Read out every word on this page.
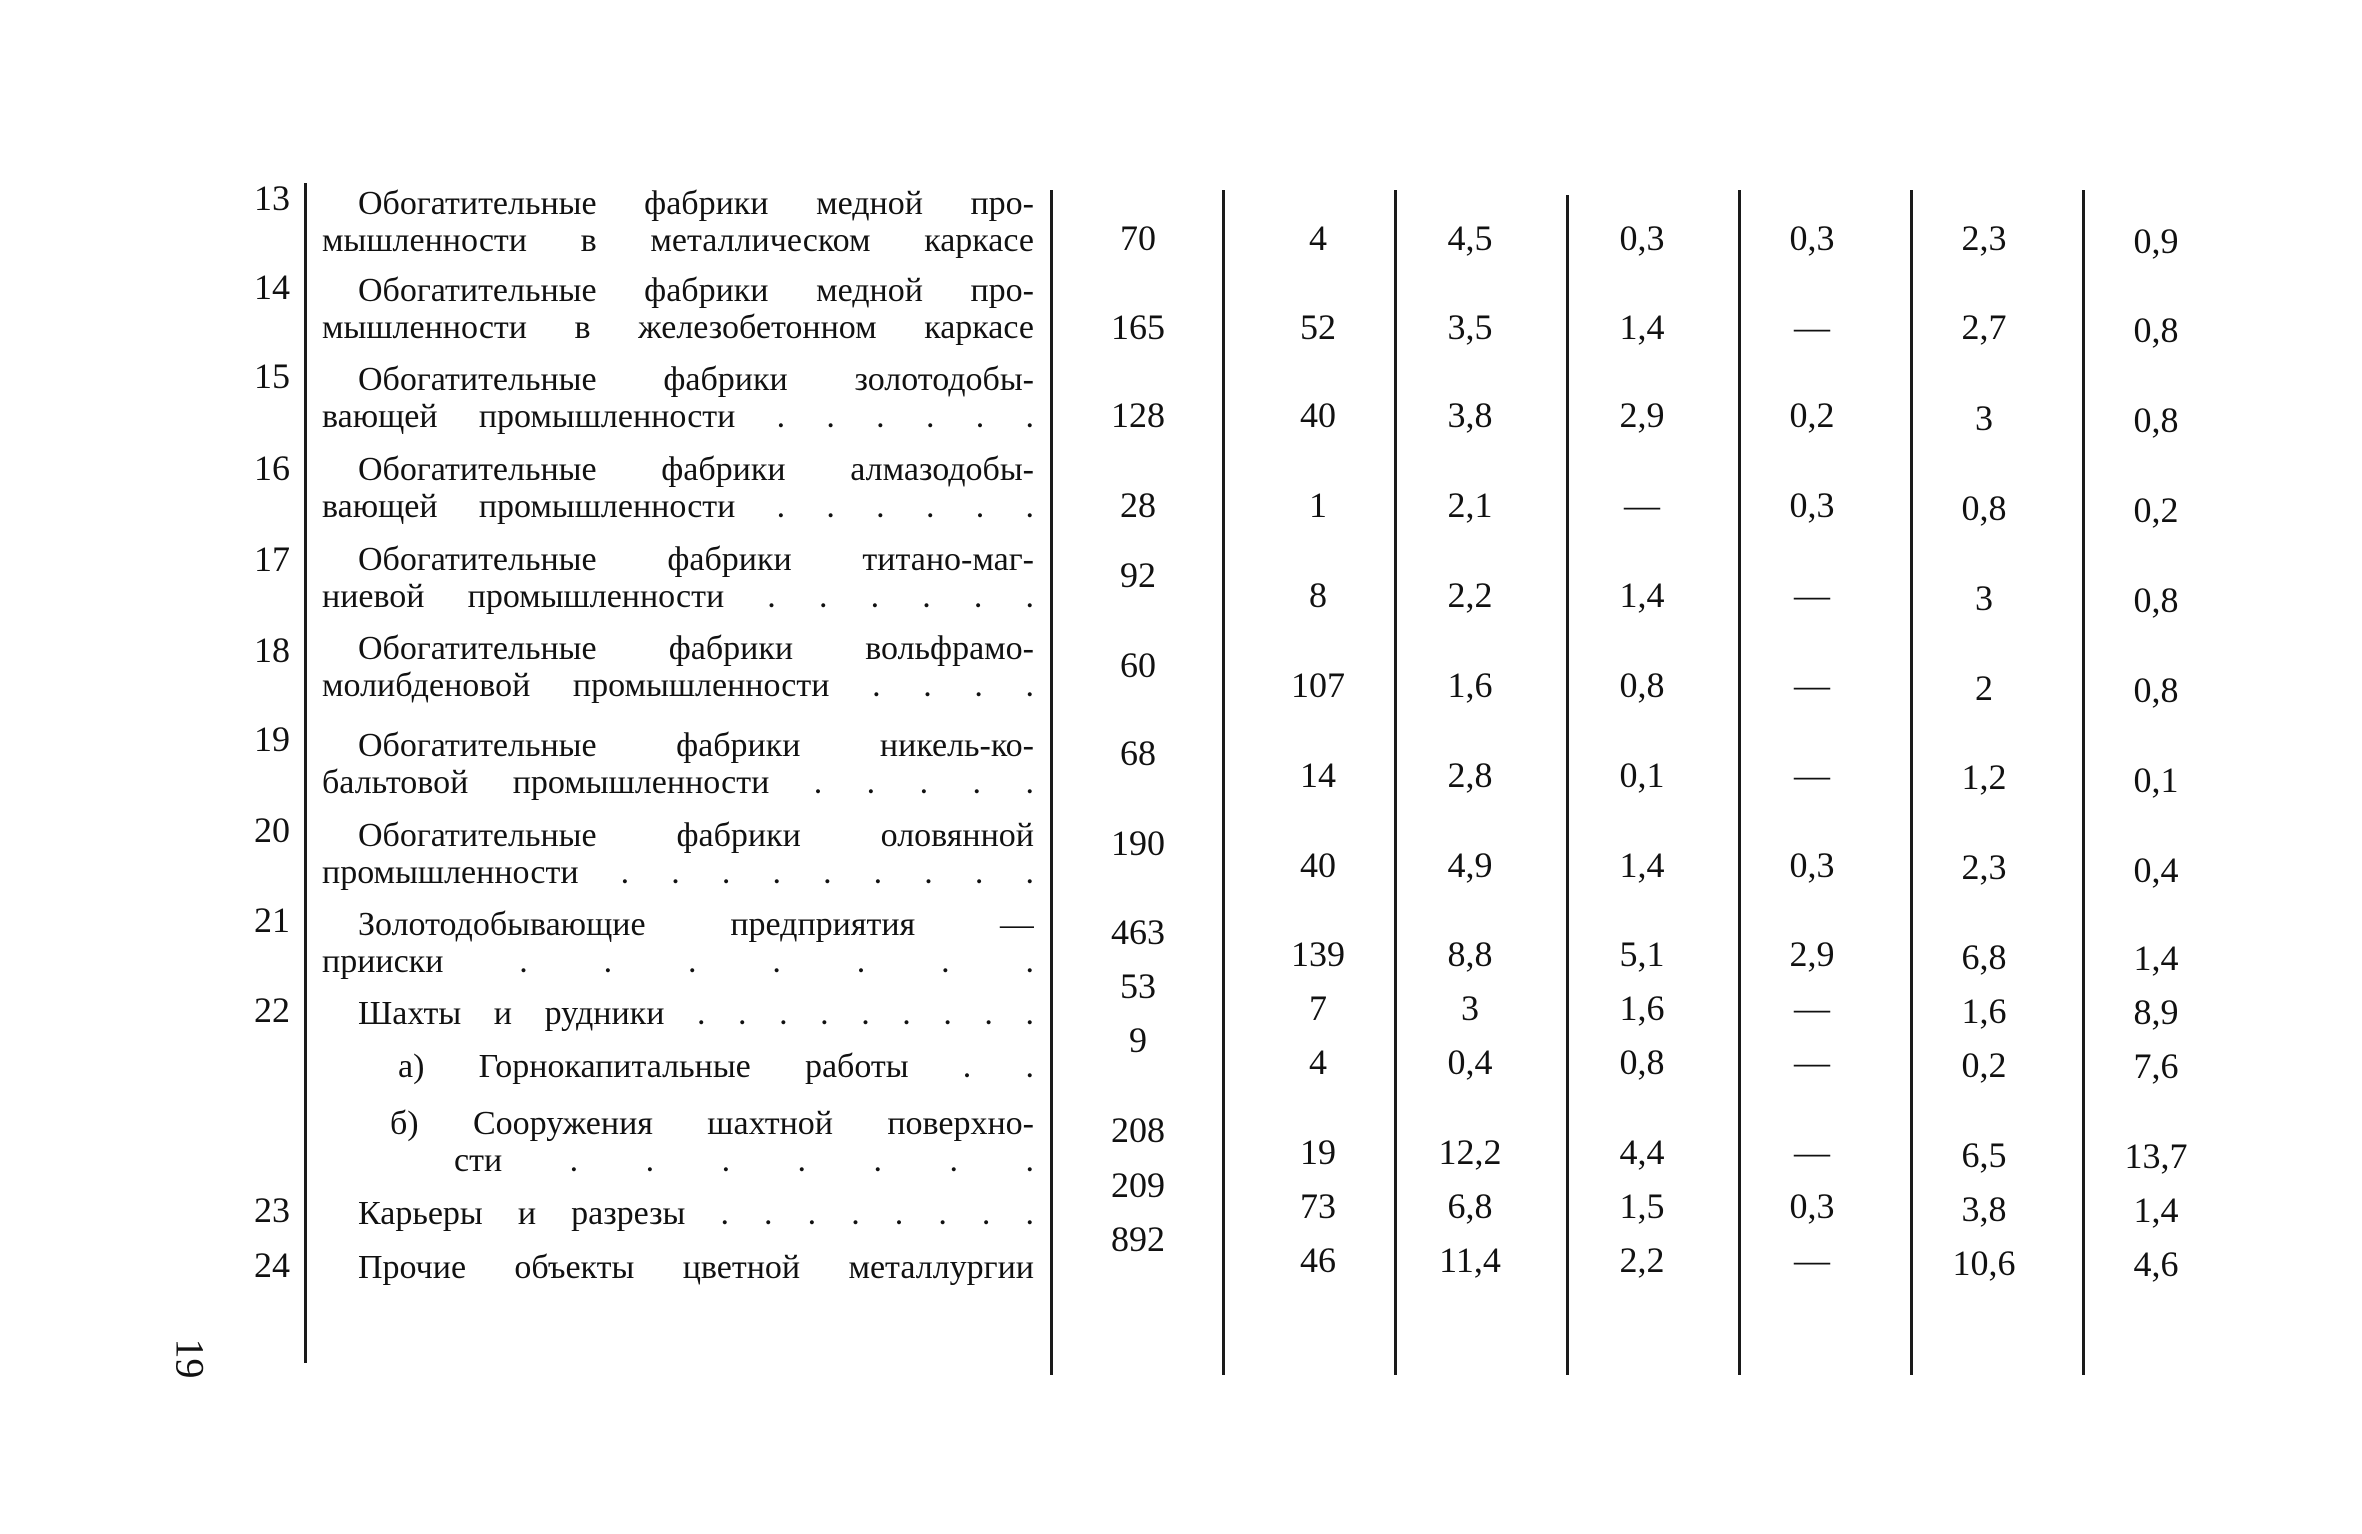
13
14
15
16
17
18
19
20
21
22
23
24
Обогатительные фабрики медной про-
мышленности в металлическом каркасе
Обогатительные фабрики медной про-
мышленности в железобетонном каркасе
Обогатительные фабрики золотодобы-
вающей промышленности . . . . . .
Обогатительные фабрики алмазодобы-
вающей промышленности . . . . . .
Обогатительные фабрики титано-маг-
ниевой промышленности . . . . . .
Обогатительные фабрики вольфрамо-
молибденовой промышленности . . . .
Обогатительные фабрики никель-ко-
бальтовой промышленности . . . . .
Обогатительные фабрики оловянной
промышленности . . . . . . . . .
Золотодобывающие предприятия —
прииски . . . . . . .
Шахты и рудники . . . . . . . . .
а) Горнокапитальные работы . .
б) Сооружения шахтной поверхно-
сти . . . . . . .
Карьеры и разрезы . . . . . . . .
Прочие объекты цветной металлургии
70
165
128
28
92
60
68
190
463
53
9
208
209
892
4
52
40
1
8
107
14
40
139
7
4
19
73
46
4,5
3,5
3,8
2,1
2,2
1,6
2,8
4,9
8,8
3
0,4
12,2
6,8
11,4
0,3
1,4
2,9
—
1,4
0,8
0,1
1,4
5,1
1,6
0,8
4,4
1,5
2,2
0,3
—
0,2
0,3
—
—
—
0,3
2,9
—
—
—
0,3
—
2,3
2,7
3
0,8
3
2
1,2
2,3
6,8
1,6
0,2
6,5
3,8
10,6
0,9
0,8
0,8
0,2
0,8
0,8
0,1
0,4
1,4
8,9
7,6
13,7
1,4
4,6
19
